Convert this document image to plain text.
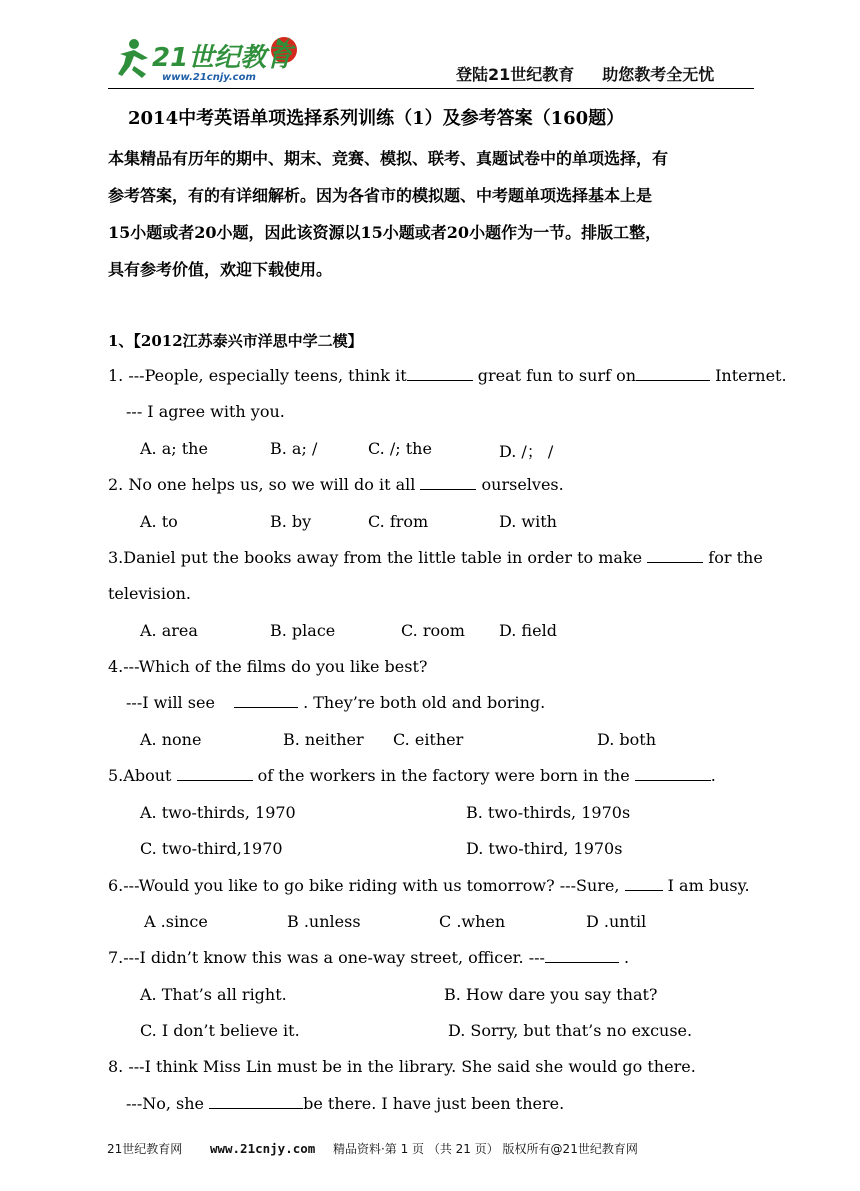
21世纪教育
www.21cnjy.com	登陆21世纪教育 助您教考全无忧
2014中考英语单项选择系列训练（1）及参考答案（160题）
本集精品有历年的期中、期末、竞赛、模拟、联考、真题试卷中的单项选择，有
参考答案，有的有详细解析。因为各省市的模拟题、中考题单项选择基本上是
15小题或者20小题，因此该资源以15小题或者20小题作为一节。排版工整，
具有参考价值，欢迎下载使用。
1、【2012江苏泰兴市洋思中学二模】
1. ---People, especially teens, think it	great fun to surf on	Internet.
--- I agree with you.
A. a; the	B. a; /	C. /; the	D. /； /
2. No one helps us, so we will do it all	ourselves.
A. to	B. by	C. from	D. with
3.Daniel put the books away from the little table in order to make	for the
television.
A. area	B. place	C. room D. field
4.---Which of the films do you like best?
---I will see	. They’re both old and boring.
A. none	B. neither C. either	D. both
5.About	of the workers in the factory were born in the	.
A. two-thirds, 1970	B. two-thirds, 1970s
C. two-third,1970	D. two-third, 1970s
6.---Would you like to go bike riding with us tomorrow? ---Sure,  I am busy.
A .since	B .unless	C .when	D .until
7.---I didn’t know this was a one-way street, officer. ---	.
A. That’s all right.	B. How dare you say that?
C. I don’t believe it.	D. Sorry, but that’s no excuse.
8. ---I think Miss Lin must be in the library. She said she would go there.
---No, she	be there. I have just been there.
21世纪教育网 www.21cnjy.com 精品资料·第 1 页 （共 21 页） 版权所有@21世纪教育网
